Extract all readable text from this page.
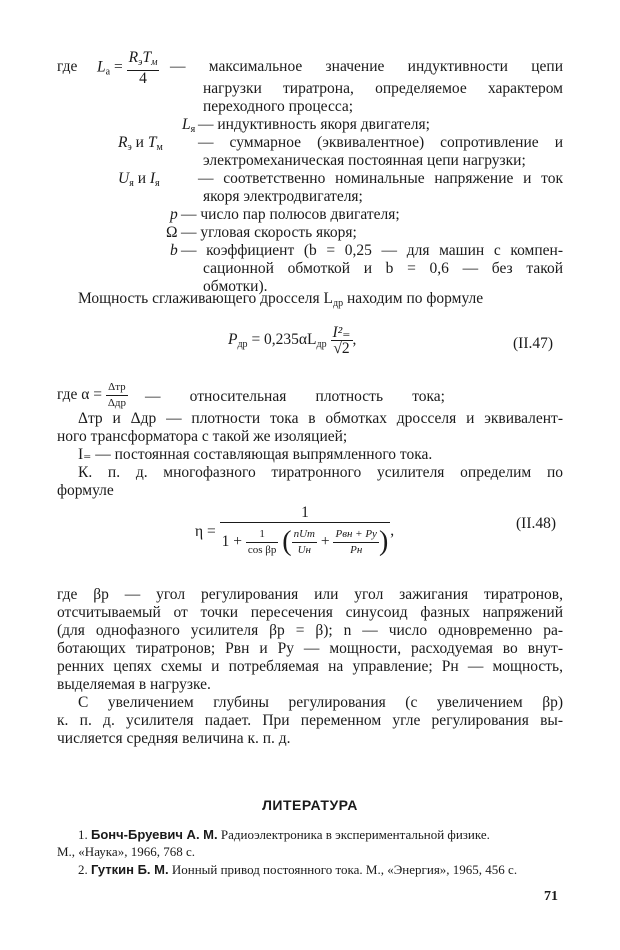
где $L_a = \frac{R_эT_м}{4}$ — максимальное значение индуктивности цепи
нагрузки тиратрона, определяемое характером
переходного процесса;
$L_я$ — индуктивность якоря двигателя;
$R_э$ и $T_м$ — суммарное (эквивалентное) сопротивление и
электромеханическая постоянная цепи нагрузки;
$U_я$ и $I_я$ — соответственно номинальные напряжение и ток
якоря электродвигателя;
p — число пар полюсов двигателя;
Ω — угловая скорость якоря;
b — коэффициент (b = 0,25 — для машин с компен-
сационной обмоткой и b = 0,6 — без такой
обмотки).
Мощность сглаживающего дросселя $L_{др}$ находим по формуле
$P_{др} = 0,235\alpha L_{др} \frac{\text{I²₌}}{√2}$ ,	(II.47)
где $\alpha = \frac{\text{Δтр}}{\text{Δдр}}$ — относительная плотность тока;
Δтр и Δдр — плотности тока в обмотках дросселя и эквивалент-
ного трансформатора с такой же изоляцией;
I₌ — постоянная составляющая выпрямленного тока.
К. п. д. многофазного тиратронного усилителя определим по
формуле
$\eta = \frac{1}{1 + \frac{1}{\text{cos βр}} ( \frac{\text{nUт}}{Uн} + \frac{\text{Pвн + Pу}}{Pн} )}$ ,	(II.48)
где βр — угол регулирования или угол зажигания тиратронов,
отсчитываемый от точки пересечения синусоид фазных напряжений
(для однофазного усилителя βр = β); n — число одновременно ра-
ботающих тиратронов; Pвн и Pу — мощности, расходуемая во внут-
ренних цепях схемы и потребляемая на управление; Pн — мощность,
выделяемая в нагрузке.
С увеличением глубины регулирования (с увеличением βр)
к. п. д. усилителя падает. При переменном угле регулирования вы-
числяется средняя величина к. п. д.
ЛИТЕРАТУРА
1. Бонч-Бруевич А. М. Радиоэлектроника в экспериментальной физике.
М., «Наука», 1966, 768 с.
2. Гуткин Б. М. Ионный привод постоянного тока. М., «Энергия», 1965, 456 с.
71
